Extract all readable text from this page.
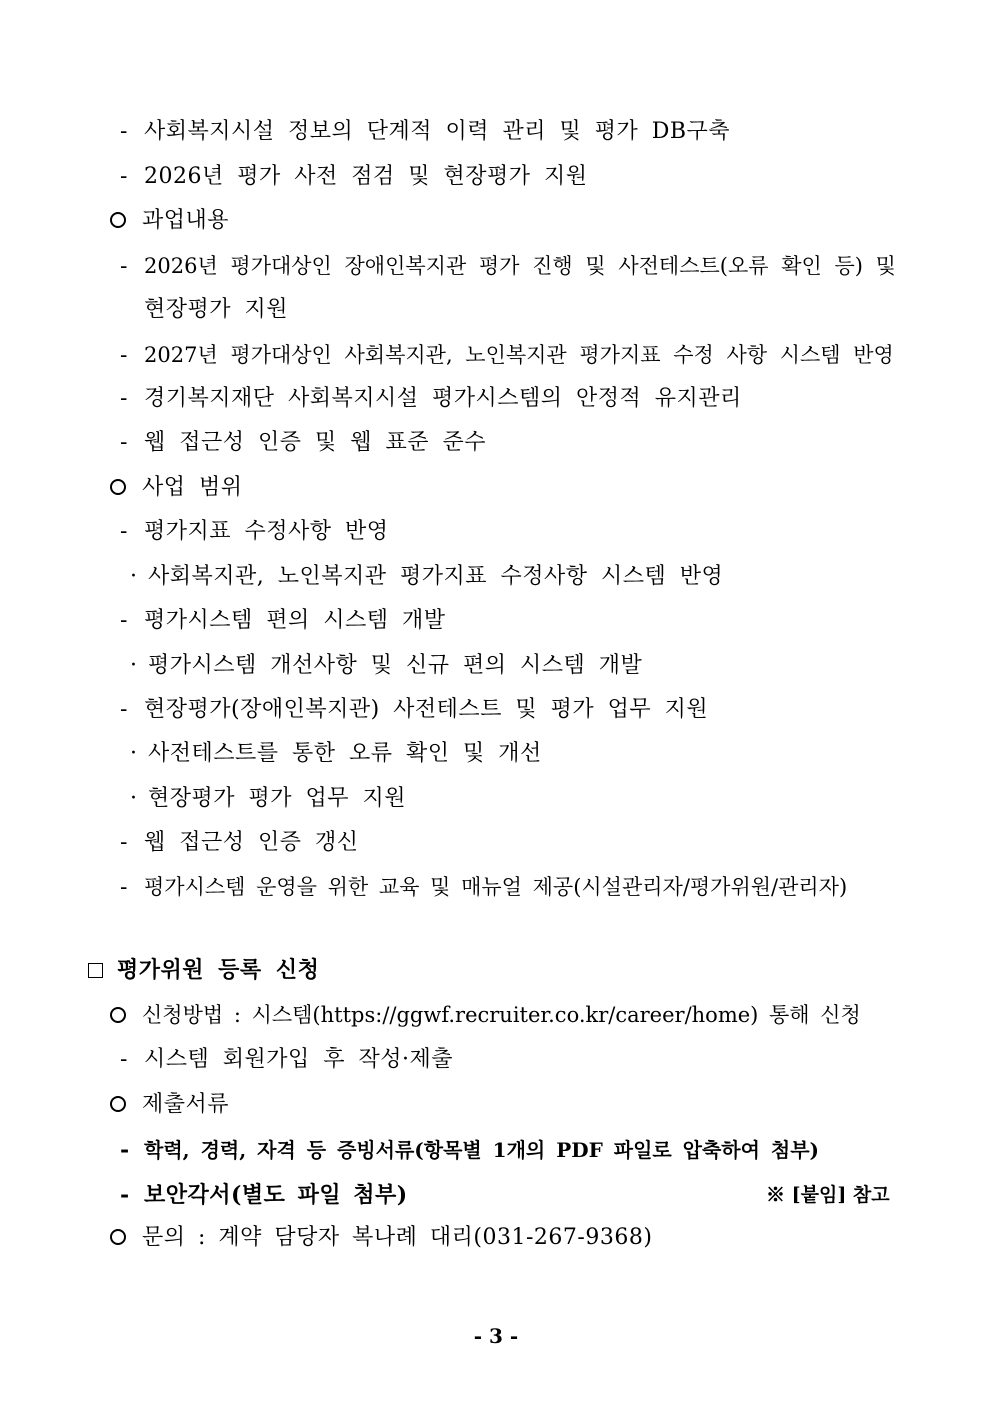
- 사회복지시설 정보의 단계적 이력 관리 및 평가 DB구축
- 2026년 평가 사전 점검 및 현장평가 지원
과업내용
- 2026년 평가대상인 장애인복지관 평가 진행 및 사전테스트(오류 확인 등) 및
현장평가 지원
- 2027년 평가대상인 사회복지관, 노인복지관 평가지표 수정 사항 시스템 반영
- 경기복지재단 사회복지시설 평가시스템의 안정적 유지관리
- 웹 접근성 인증 및 웹 표준 준수
사업 범위
- 평가지표 수정사항 반영
· 사회복지관, 노인복지관 평가지표 수정사항 시스템 반영
- 평가시스템 편의 시스템 개발
· 평가시스템 개선사항 및 신규 편의 시스템 개발
- 현장평가(장애인복지관) 사전테스트 및 평가 업무 지원
· 사전테스트를 통한 오류 확인 및 개선
· 현장평가 평가 업무 지원
- 웹 접근성 인증 갱신
- 평가시스템 운영을 위한 교육 및 매뉴얼 제공(시설관리자/평가위원/관리자)
평가위원 등록 신청
신청방법 : 시스템(https://ggwf.recruiter.co.kr/career/home) 통해 신청
- 시스템 회원가입 후 작성·제출
제출서류
- 학력, 경력, 자격 등 증빙서류(항목별 1개의 PDF 파일로 압축하여 첨부)
- 보안각서(별도 파일 첨부)	※ [붙임] 참고
문의 : 계약 담당자 복나례 대리(031-267-9368)
- 3 -
